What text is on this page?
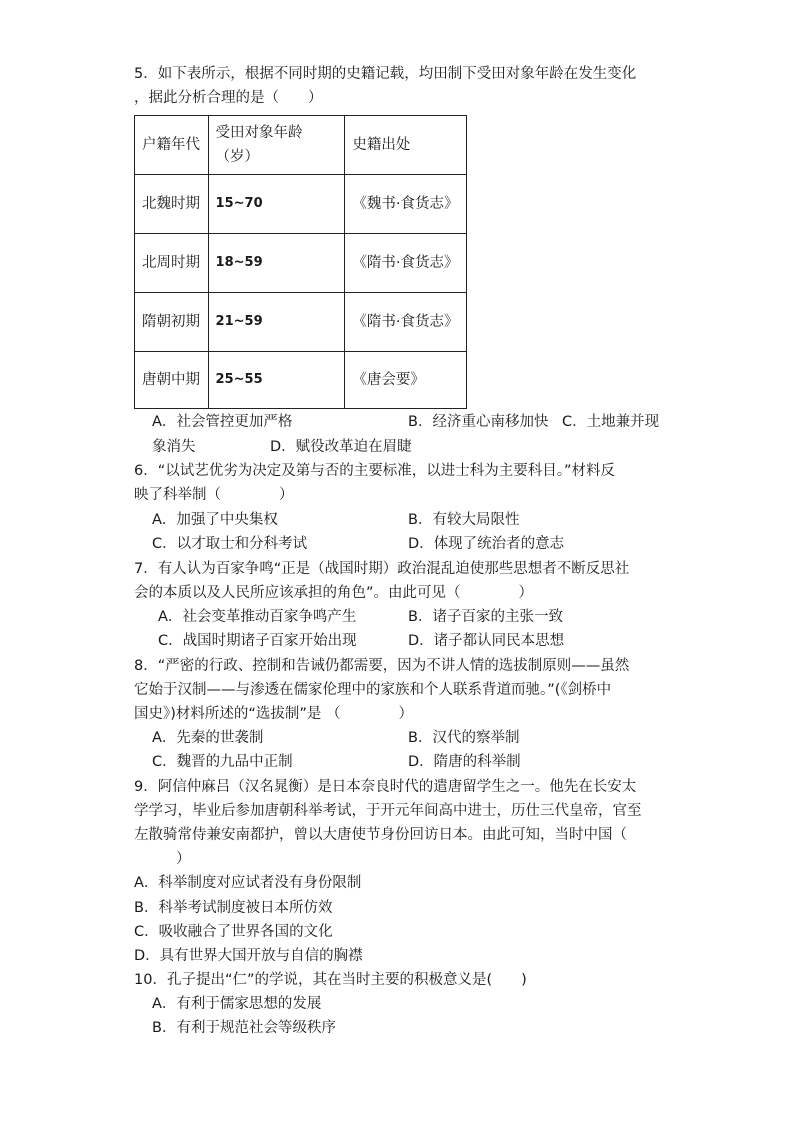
5．如下表所示，根据不同时期的史籍记载，均田制下受田对象年龄在发生变化
，据此分析合理的是（　　）
户籍年代	受田对象年龄（岁）	史籍出处
北魏时期	15~70	《魏书·食货志》
北周时期	18~59	《隋书·食货志》
隋朝初期	21~59	《隋书·食货志》
唐朝中期	25~55	《唐会要》
A．社会管控更加严格	B．经济重心南移加快 C．土地兼并现
象消失	D．赋役改革迫在眉睫
6．“以试艺优劣为决定及第与否的主要标准，以进士科为主要科目。”材料反
映了科举制（　　　　）
A．加强了中央集权	B．有较大局限性
C．以才取士和分科考试	D．体现了统治者的意志
7．有人认为百家争鸣“正是（战国时期）政治混乱迫使那些思想者不断反思社
会的本质以及人民所应该承担的角色”。由此可见（　　　　）
A．社会变革推动百家争鸣产生	B．诸子百家的主张一致
C．战国时期诸子百家开始出现	D．诸子都认同民本思想
8．“严密的行政、控制和告诫仍都需要，因为不讲人情的选拔制原则——虽然
它始于汉制——与渗透在儒家伦理中的家族和个人联系背道而驰。”(《剑桥中
国史》)材料所述的“选拔制”是 （　　　　）
A．先秦的世袭制	B．汉代的察举制
C．魏晋的九品中正制	D．隋唐的科举制
9．阿信仲麻吕（汉名晁衡）是日本奈良时代的遣唐留学生之一。他先在长安太
学学习，毕业后参加唐朝科举考试，于开元年间高中进士，历仕三代皇帝，官至
左散骑常侍兼安南都护，曾以大唐使节身份回访日本。由此可知，当时中国（
）
A．科举制度对应试者没有身份限制
B．科举考试制度被日本所仿效
C．吸收融合了世界各国的文化
D．具有世界大国开放与自信的胸襟
10．孔子提出“仁”的学说，其在当时主要的积极意义是(　　)
A．有利于儒家思想的发展
B．有利于规范社会等级秩序
